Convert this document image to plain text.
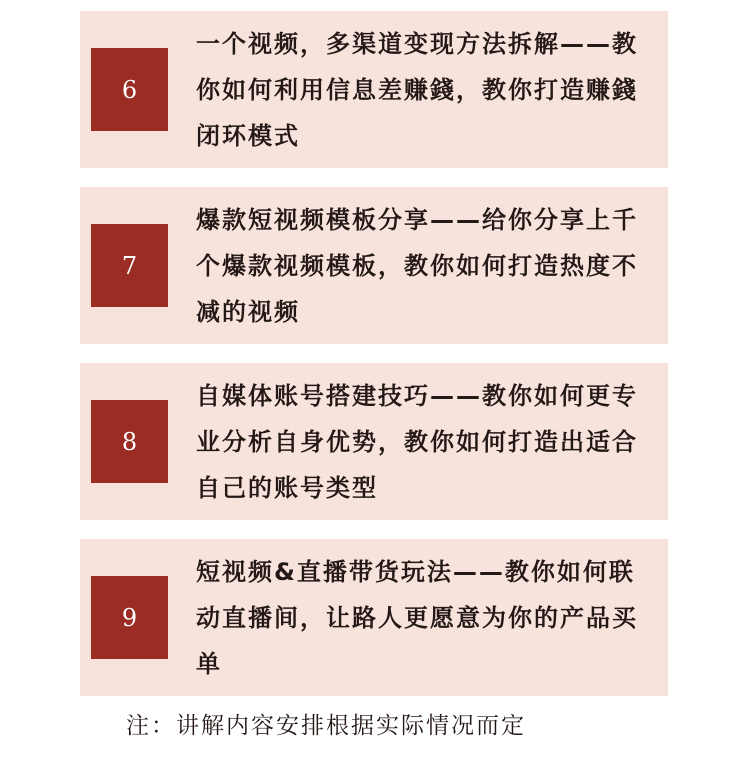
6
一个视频，多渠道变现方法拆解——教你如何利用信息差赚錢，教你打造赚錢闭环模式
7
爆款短视频模板分享——给你分享上千个爆款视频模板，教你如何打造热度不减的视频
8
自媒体账号搭建技巧——教你如何更专业分析自身优势，教你如何打造出适合自己的账号类型
9
短视频&直播带货玩法——教你如何联动直播间，让路人更愿意为你的产品买单
注：讲解内容安排根据实际情况而定
